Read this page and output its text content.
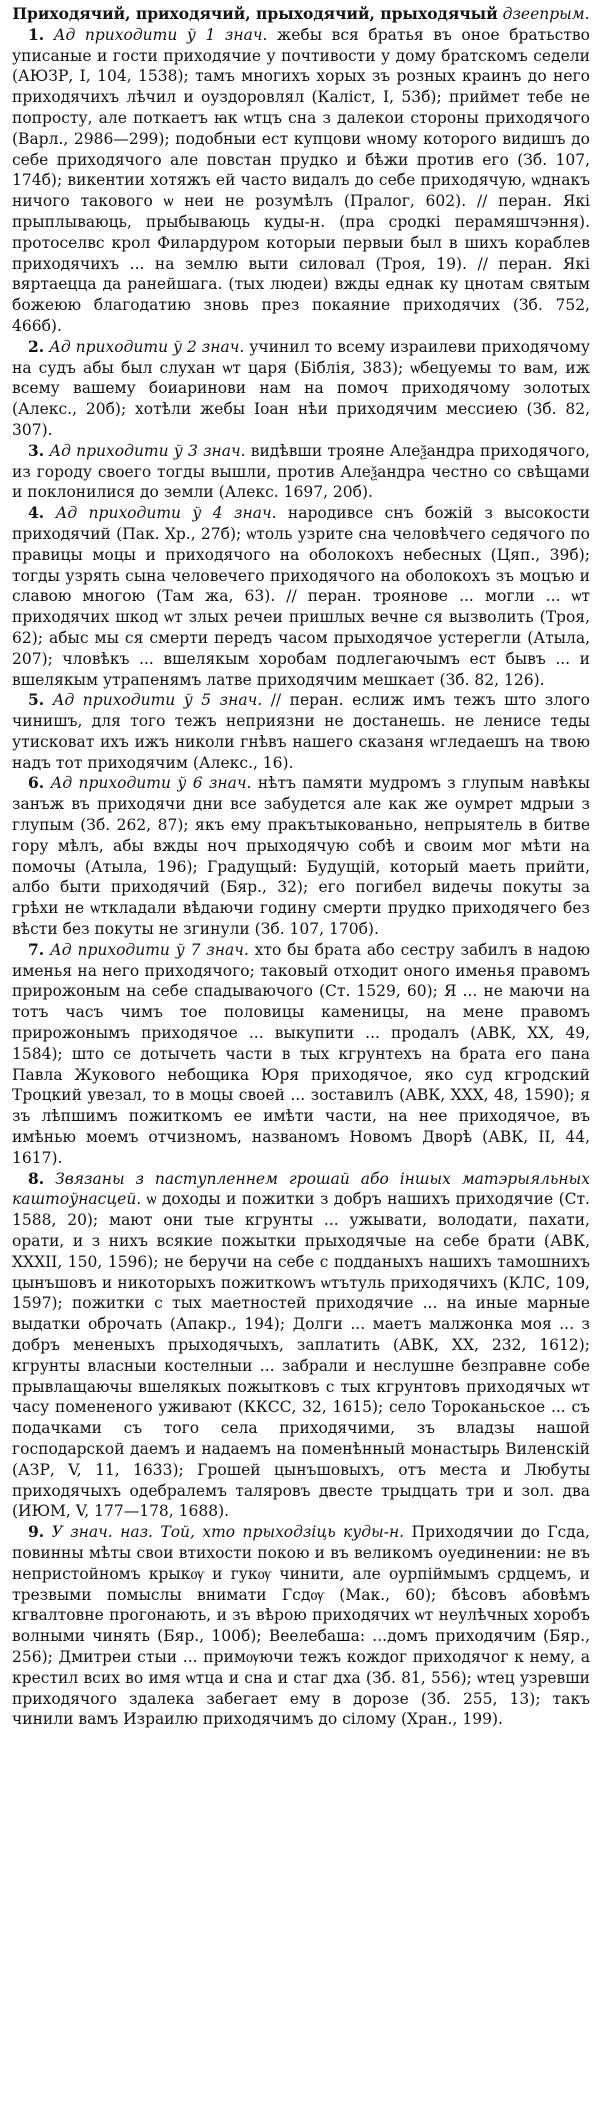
Приходячий, приходячий, прыходячий, прыходячый дзеепрым.

1. Ад приходити ў 1 знач. жебы вся братья въ оное братьство уписаные и гости приходячие у почтивости у дому братскомъ седели (АЮЗР, I, 104, 1538); тамъ многихъ хорых зъ розных краинъ до него приходячихъ лѣчил и оуздоровлял (Каліст, I, 53б); приймет тебе не попросту, але поткаетъ ꙗк ѡтцъ сна з далекои стороны приходячого (Варл., 2986—299); подобныи ест купцови ѡному которого видишъ до себе приходячого але повстан прудко и бѣжи против его (Зб. 107, 174б); викентии хотяжъ ей часто видалъ до себе приходячую, ѡднакъ ничого такового ѡ неи не розумѣлъ (Пралог, 602). // перан. Які прыплываюць, прыбываюць куды-н. (пра сродкі перамяшчэння). протоселвс крол Филардуром которыи первыи был в шихъ кораблев приходячихъ ... на землю выти силовал (Троя, 19). // перан. Які вяртаецца да ранейшага. (тых людеи) вжды еднак ку цнотам святым божеюю благодатию зновь през покаяние приходячих (Зб. 752, 466б).

2. Ад приходити ў 2 знач. учинил то всему израилеви приходячому на судъ абы был слухан ѡт царя (Біблія, 383); ѡбецуемы то вам, иж всему вашему боиаринови нам на помоч приходячому золотых (Алекс., 20б); хотѣли жебы Іоан нѣи приходячим мессиею (Зб. 82, 307).

3. Ад приходити ў 3 знач. видѣвши трояне Алеѯандра приходячого, из городу своего тогды вышли, против Алеѯандра честно со свѣщами и поклонилися до земли (Алекс. 1697, 20б).

4. Ад приходити ў 4 знач. народивсе снъ божій з высокости приходячий (Пак. Хр., 27б); ѡтоль узрите сна человѣчего седячого по правицы моцы и приходячого на оболокохъ небесных (Цяп., 39б); тогды узрять сына человечего приходячого на оболокохъ зъ моцъю и славою многою (Там жа, 63). // перан. трояновe ... могли ... ѡт приходячих шкод ѡт злых речеи пришлых вечне ся вызволить (Троя, 62); абыс мы ся смерти передъ часом прыходячое устерегли (Атыла, 207); чловѣкъ ... вшелякым хоробам подлегаючымъ ест бывъ ... и вшелякым утрапенямъ латве приходячим мешкает (Зб. 82, 126).

5. Ад приходити ў 5 знач. // перан. еслиж имъ тежъ што злого чинишъ, для того тежъ неприязни не достанешь. не ленисе теды утисковат ихъ ижъ николи гнѣвъ нашего сказаня ѡгледаешъ на твою надъ тот приходячим (Алекс., 16).

6. Ад приходити ў 6 знач. нѣтъ памяти мудромъ з глупым навѣкы занъж въ приходячи дни все забудется але как же оумрет мдрыи з глупым (Зб. 262, 87); якъ ему пракътыкованьно, непрыятель в битве гору мѣлъ, абы вжды ноч прыходячую собѣ и своим мог мѣти на помочы (Атыла, 196); Градущый: Будущій, который маеть прийти, албо быти приходячий (Бяр., 32); его погибел видечы покуты за грѣхи не ѡткладали вѣдаючи годину смерти прудко приходячего без вѣсти без покуты не згинули (Зб. 107, 170б).

7. Ад приходити ў 7 знач. хто бы брата або сестру забилъ в надою именья на него приходячого; таковый отходит оного именья правомъ прирожоным на себе спадываючого (Ст. 1529, 60); Я ... не маючи на тотъ часъ чимъ тое половицы каменицы, на мене правомъ прирожонымъ приходячое ... выкупити ... продалъ (АВК, XX, 49, 1584); што се дотычеть части в тых кгрунтехъ на брата его пана Павла Жукового небощика Юря приходячое, яко суд кгродский Троцкий увезал, то в моцы своей ... зоставилъ (АВК, XXX, 48, 1590); я зъ лѣпшимъ пожиткомъ ее имѣти части, на нее приходячое, въ имѣнью моемъ отчизномъ, названомъ Новомъ Дворѣ (АВК, II, 44, 1617).

8. Звязаны з паступленнем грошай або іншых матэрыяльных каштоўнасцей. ѡ доходы и пожитки з добръ нашихъ приходячие (Ст. 1588, 20); мают они тые кгрунты ... ужывати, володати, пахати, орати, и з нихъ всякие пожытки прыходячые на себе брати (АВК, XXXII, 150, 1596); не беручи на себе с подданыхъ нашихъ тамошнихъ цынъшовъ и никоторыхъ пожиткowъ ѡтътуль приходячихъ (КЛС, 109, 1597); пожитки с тых маетностей приходячие ... на иные марные выдатки оброчать (Апакр., 194); Долги ... маетъ малжонка моя ... з добръ мененыхъ прыходячыхъ, заплатить (АВК, XX, 232, 1612); кгрунты власныи костелныи ... забрали и неслушне безправне собе прывлащаючы вшелякых пожытковъ с тых кгрунтовъ приходячых ѡт часу помененого уживают (ККСС, 32, 1615); село Тороканьское ... съ подачками съ того села приходячими, зъ владзы нашой господарской даемъ и надаемъ на поменѣнный монастырь Виленскій (АЗР, V, 11, 1633); Грошей цынъшовыхъ, отъ места и Любуты приходячыхъ одебралемъ таляровъ двесте трыдцать три и зол. два (ИЮМ, V, 177—178, 1688).

9. У знач. наз. Той, хто прыходзіць куды-н. Приходячии до Гсда, повинны мѣты свои втихости покою и въ великомъ оуединении: не въ непристойномъ крыкѹ и гукѹ чинити, але оурпіймымъ срдцемъ, и трезвыми помыслы внимати Гсдѹ (Мак., 60); бѣсовъ абовѣмъ кгвалтовне прогонають, и зъ вѣрою приходячих ѡт неулѣчных хоробъ волными чинять (Бяр., 100б); Веелебаша: ...домъ приходячим (Бяр., 256); Дмитреи стыи ... примѹючи тежъ кождог приходячог к нему, а крестил всих во имя ѡтца и сна и стаг дха (Зб. 81, 556); ѡтец узревши приходячого здалека забегает ему в дорозе (Зб. 255, 13); такъ чинили вамъ Израилю приходячимъ до сілому (Хран., 199).
